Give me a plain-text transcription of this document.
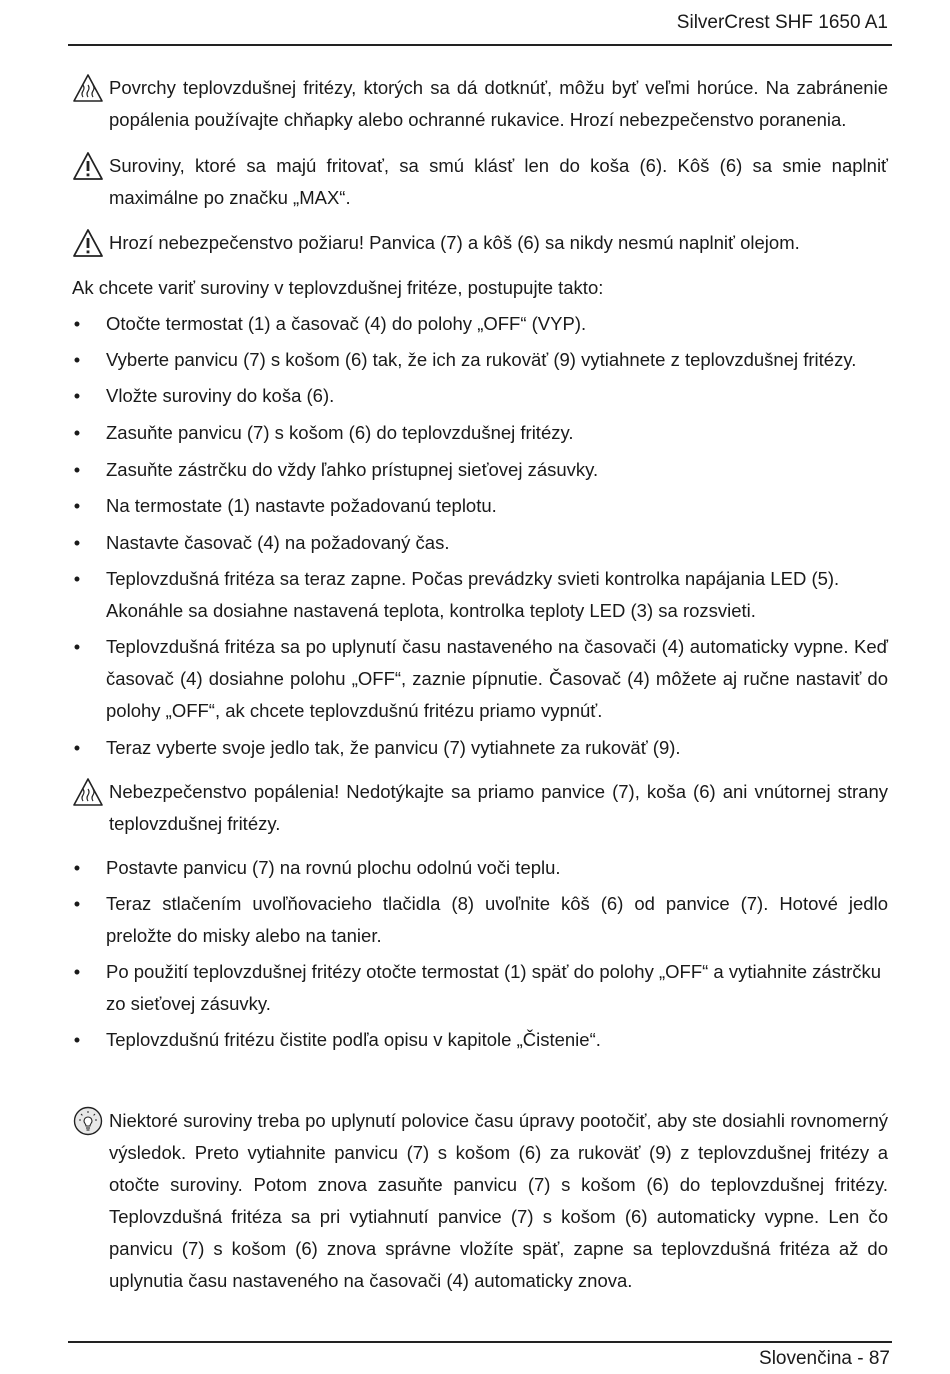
SilverCrest SHF 1650 A1
Povrchy teplovzdušnej fritézy, ktorých sa dá dotknúť, môžu byť veľmi horúce. Na zabránenie popálenia používajte chňapky alebo ochranné rukavice. Hrozí nebezpečenstvo poranenia.
Suroviny, ktoré sa majú fritovať, sa smú klásť len do koša (6). Kôš (6) sa smie naplniť maximálne po značku „MAX“.
Hrozí nebezpečenstvo požiaru! Panvica (7) a kôš (6) sa nikdy nesmú naplniť olejom.
Ak chcete variť suroviny v teplovzdušnej fritéze, postupujte takto:
•	Otočte termostat (1) a časovač (4) do polohy „OFF“ (VYP).
•	Vyberte panvicu (7) s košom (6) tak, že ich za rukoväť (9) vytiahnete z teplovzdušnej fritézy.
•	Vložte suroviny do koša (6).
•	Zasuňte panvicu (7) s košom (6) do teplovzdušnej fritézy.
•	Zasuňte zástrčku do vždy ľahko prístupnej sieťovej zásuvky.
•	Na termostate (1) nastavte požadovanú teplotu.
•	Nastavte časovač (4) na požadovaný čas.
•	Teplovzdušná fritéza sa teraz zapne. Počas prevádzky svieti kontrolka napájania LED (5). Akonáhle sa dosiahne nastavená teplota, kontrolka teploty LED (3) sa rozsvieti.
•	Teplovzdušná fritéza sa po uplynutí času nastaveného na časovači (4) automaticky vypne. Keď časovač (4) dosiahne polohu „OFF“, zaznie pípnutie. Časovač (4) môžete aj ručne nastaviť do polohy „OFF“, ak chcete teplovzdušnú fritézu priamo vypnúť.
•	Teraz vyberte svoje jedlo tak, že panvicu (7) vytiahnete za rukoväť (9).
Nebezpečenstvo popálenia! Nedotýkajte sa priamo panvice (7), koša (6) ani vnútornej strany teplovzdušnej fritézy.
•	Postavte panvicu (7) na rovnú plochu odolnú voči teplu.
•	Teraz stlačením uvoľňovacieho tlačidla (8) uvoľnite kôš (6) od panvice (7). Hotové jedlo preložte do misky alebo na tanier.
•	Po použití teplovzdušnej fritézy otočte termostat (1) späť do polohy „OFF“ a vytiahnite zástrčku zo sieťovej zásuvky.
•	Teplovzdušnú fritézu čistite podľa opisu v kapitole „Čistenie“.
Niektoré suroviny treba po uplynutí polovice času úpravy pootočiť, aby ste dosiahli rovnomerný výsledok. Preto vytiahnite panvicu (7) s košom (6) za rukoväť (9) z teplovzdušnej fritézy a otočte suroviny. Potom znova zasuňte panvicu (7) s košom (6) do teplovzdušnej fritézy. Teplovzdušná fritéza sa pri vytiahnutí panvice (7) s košom (6) automaticky vypne. Len čo panvicu (7) s košom (6) znova správne vložíte späť, zapne sa teplovzdušná fritéza až do uplynutia času nastaveného na časovači (4) automaticky znova.
Slovenčina - 87
